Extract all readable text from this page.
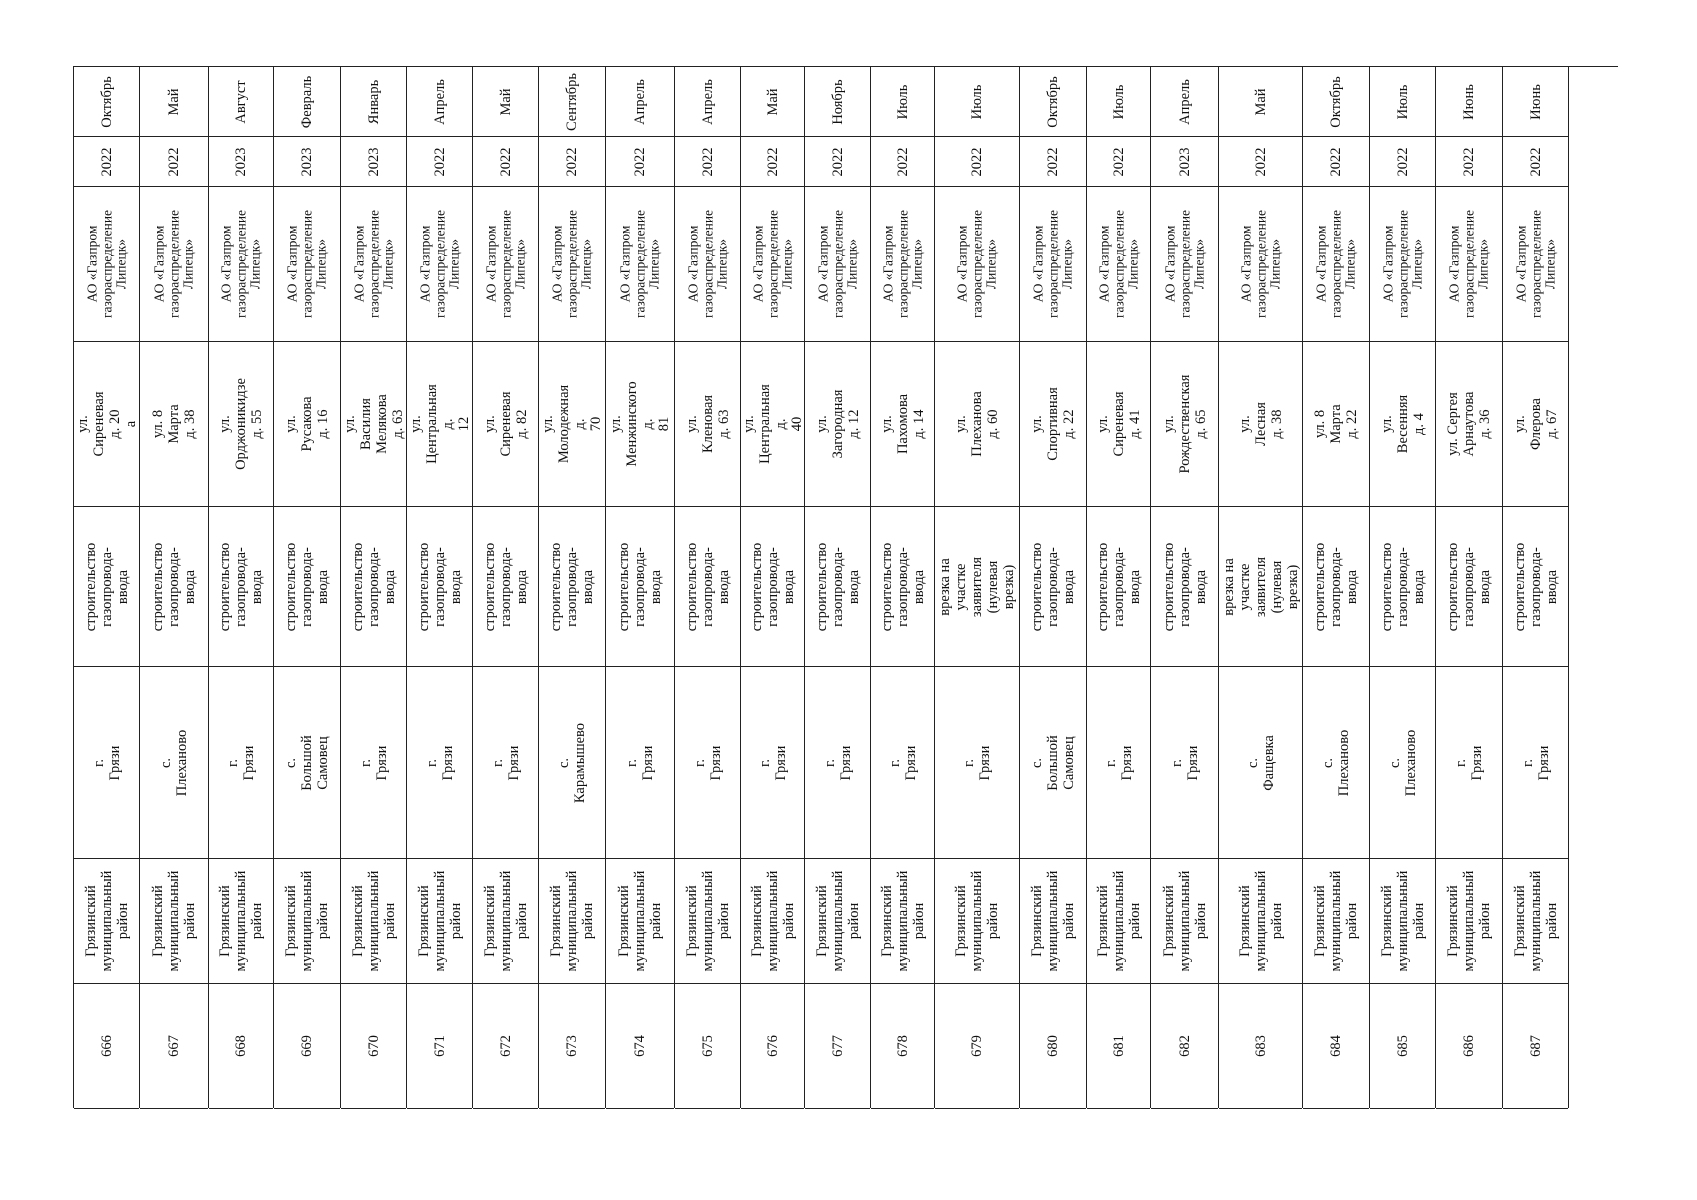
Октябрь
2022
АО «Газпром
газораспределение
Липецк»
ул. Сиреневая д. 20
а
строительство
газопровода-ввода
г. Грязи
Грязинский
муниципальный
район
666
Май
2022
АО «Газпром
газораспределение
Липецк»
ул. 8 Марта д. 38
строительство
газопровода-ввода
с. Плеханово
Грязинский
муниципальный
район
667
Август
2023
АО «Газпром
газораспределение
Липецк»
ул. Орджоникидзе
д. 55
строительство
газопровода-ввода
г. Грязи
Грязинский
муниципальный
район
668
Февраль
2023
АО «Газпром
газораспределение
Липецк»
ул. Русакова д. 16
строительство
газопровода-ввода
с. Большой Самовец
Грязинский
муниципальный
район
669
Январь
2023
АО «Газпром
газораспределение
Липецк»
ул. Василия
Мелякова д. 63
строительство
газопровода-ввода
г. Грязи
Грязинский
муниципальный
район
670
Апрель
2022
АО «Газпром
газораспределение
Липецк»
ул. Центральная д.
12
строительство
газопровода-ввода
г. Грязи
Грязинский
муниципальный
район
671
Май
2022
АО «Газпром
газораспределение
Липецк»
ул. Сиреневая д. 82
строительство
газопровода-ввода
г. Грязи
Грязинский
муниципальный
район
672
Сентябрь
2022
АО «Газпром
газораспределение
Липецк»
ул. Молодежная д.
70
строительство
газопровода-ввода
с. Карамышево
Грязинский
муниципальный
район
673
Апрель
2022
АО «Газпром
газораспределение
Липецк»
ул. Менжинского д.
81
строительство
газопровода-ввода
г. Грязи
Грязинский
муниципальный
район
674
Апрель
2022
АО «Газпром
газораспределение
Липецк»
ул. Кленовая д. 63
строительство
газопровода-ввода
г. Грязи
Грязинский
муниципальный
район
675
Май
2022
АО «Газпром
газораспределение
Липецк»
ул. Центральная д.
40
строительство
газопровода-ввода
г. Грязи
Грязинский
муниципальный
район
676
Ноябрь
2022
АО «Газпром
газораспределение
Липецк»
ул. Загородная д. 12
строительство
газопровода-ввода
г. Грязи
Грязинский
муниципальный
район
677
Июль
2022
АО «Газпром
газораспределение
Липецк»
ул. Пахомова д. 14
строительство
газопровода-ввода
г. Грязи
Грязинский
муниципальный
район
678
Июль
2022
АО «Газпром
газораспределение
Липецк»
ул. Плеханова д. 60
врезка на участке
заявителя (нулевая
врезка)
г. Грязи
Грязинский
муниципальный
район
679
Октябрь
2022
АО «Газпром
газораспределение
Липецк»
ул. Спортивная д. 22
строительство
газопровода-ввода
с. Большой Самовец
Грязинский
муниципальный
район
680
Июль
2022
АО «Газпром
газораспределение
Липецк»
ул. Сиреневая д. 41
строительство
газопровода-ввода
г. Грязи
Грязинский
муниципальный
район
681
Апрель
2023
АО «Газпром
газораспределение
Липецк»
ул. Рождественская
д. 65
строительство
газопровода-ввода
г. Грязи
Грязинский
муниципальный
район
682
Май
2022
АО «Газпром
газораспределение
Липецк»
ул. Лесная д. 38
врезка на участке
заявителя (нулевая
врезка)
с. Фащевка
Грязинский
муниципальный
район
683
Октябрь
2022
АО «Газпром
газораспределение
Липецк»
ул. 8 Марта д. 22
строительство
газопровода-ввода
с. Плеханово
Грязинский
муниципальный
район
684
Июль
2022
АО «Газпром
газораспределение
Липецк»
ул. Весенняя д. 4
строительство
газопровода-ввода
с. Плеханово
Грязинский
муниципальный
район
685
Июнь
2022
АО «Газпром
газораспределение
Липецк»
ул. Сергея
Арнаутова д. 36
строительство
газопровода-ввода
г. Грязи
Грязинский
муниципальный
район
686
Июнь
2022
АО «Газпром
газораспределение
Липецк»
ул. Флерова д. 67
строительство
газопровода-ввода
г. Грязи
Грязинский
муниципальный
район
687
